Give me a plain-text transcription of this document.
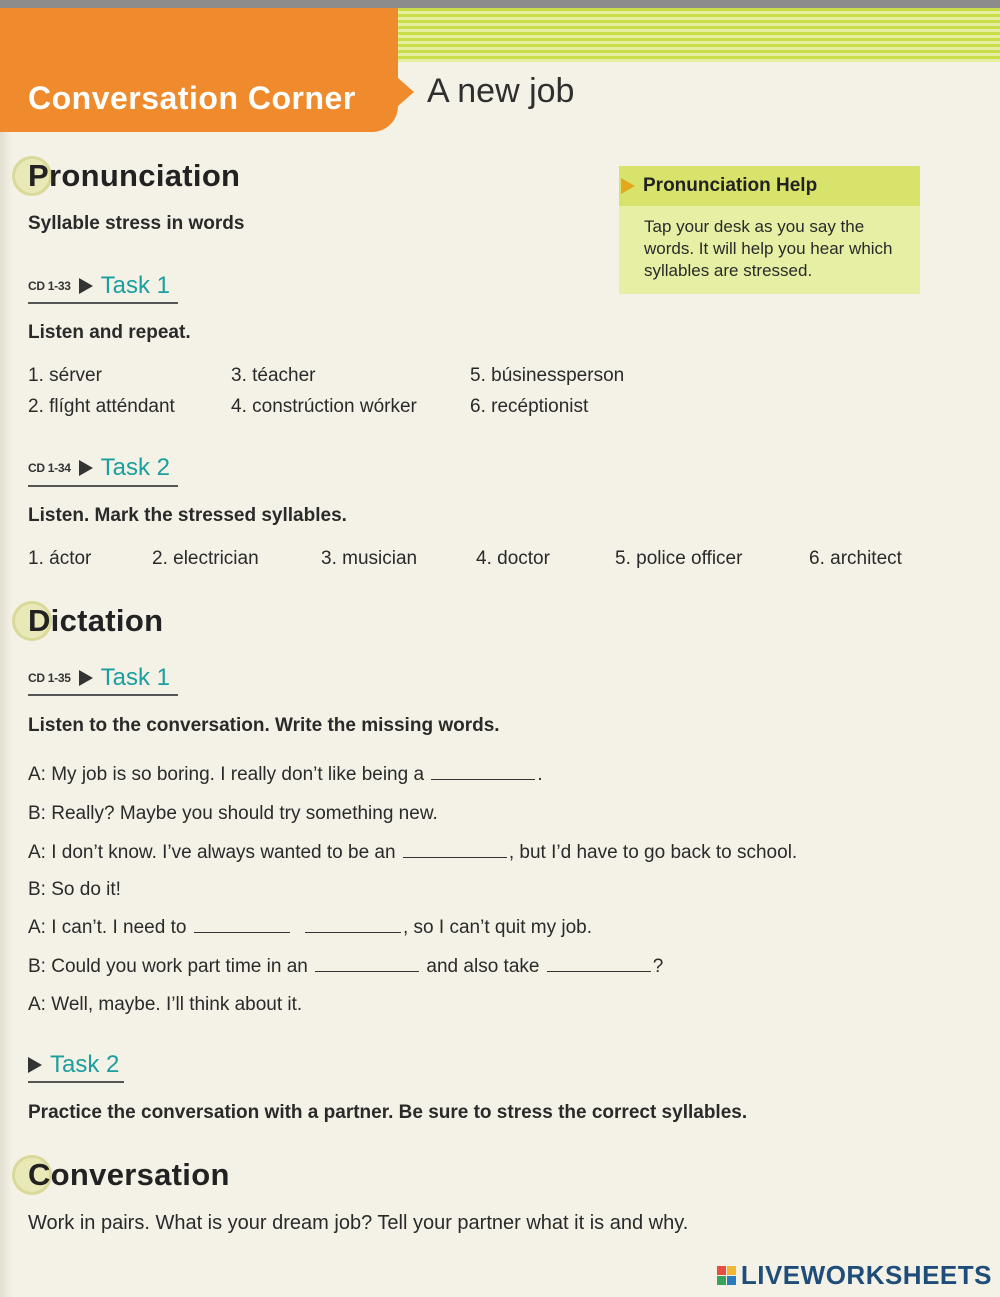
Conversation Corner A new job
Pronunciation
Syllable stress in words
CD 1-33 Task 1
Listen and repeat.
1. sérver	3. téacher	5. búsinessperson
2. flíght atténdant	4. constrúction wórker	6. recéptionist
CD 1-34 Task 2
Listen. Mark the stressed syllables.
1. áctor	2. electrician	3. musician	4. doctor	5. police officer	6. architect
Pronunciation Help
Tap your desk as you say the words. It will help you hear which syllables are stressed.
Dictation
CD 1-35 Task 1
Listen to the conversation. Write the missing words.
A: My job is so boring. I really don’t like being a	.
B: Really? Maybe you should try something new.
A: I don’t know. I’ve always wanted to be an	, but I’d have to go back to school.
B: So do it!
A: I can’t. I need to	, so I can’t quit my job.
B: Could you work part time in an	and also take	?
A: Well, maybe. I’ll think about it.
Task 2
Practice the conversation with a partner. Be sure to stress the correct syllables.
Conversation
Work in pairs. What is your dream job? Tell your partner what it is and why.
LIVEWORKSHEETS
